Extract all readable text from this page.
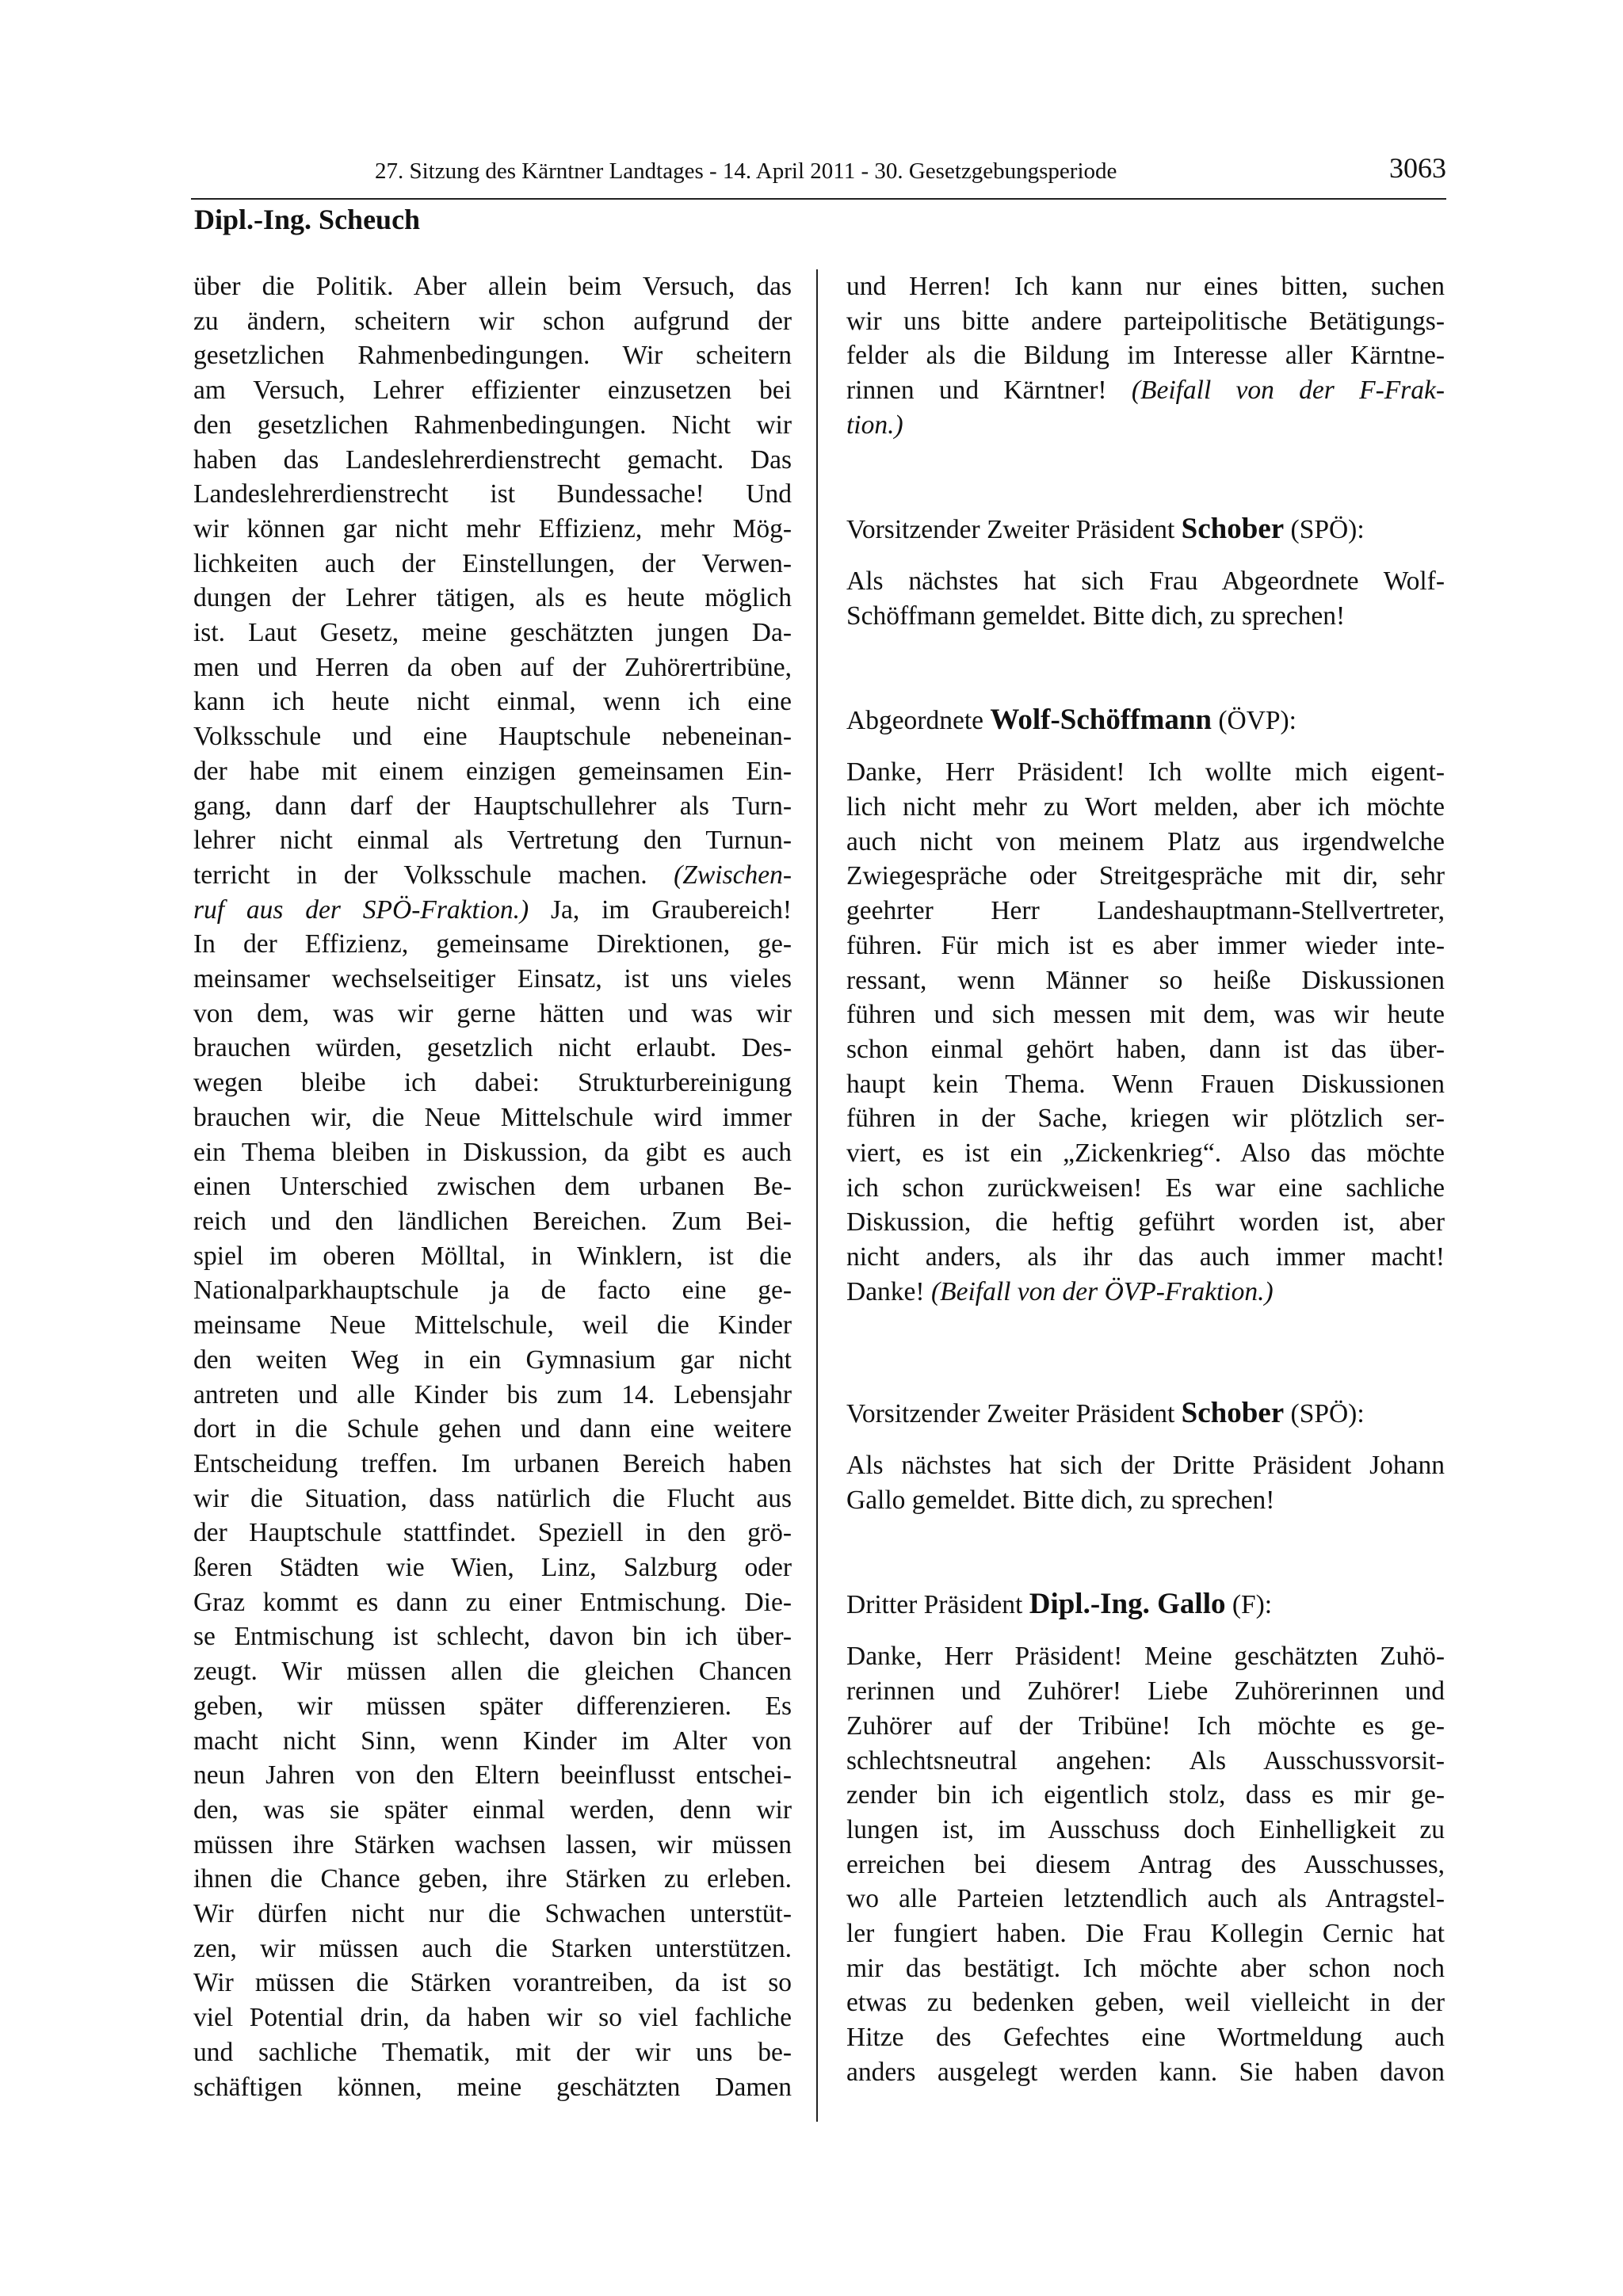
27. Sitzung des Kärntner Landtages - 14. April 2011 - 30. Gesetzgebungsperiode	3063
Dipl.-Ing. Scheuch
über die Politik. Aber allein beim Versuch, das
zu ändern, scheitern wir schon aufgrund der
gesetzlichen Rahmenbedingungen. Wir scheitern
am Versuch, Lehrer effizienter einzusetzen bei
den gesetzlichen Rahmenbedingungen. Nicht wir
haben das Landeslehrerdienstrecht gemacht. Das
Landeslehrerdienstrecht ist Bundessache! Und
wir können gar nicht mehr Effizienz, mehr Mög-
lichkeiten auch der Einstellungen, der Verwen-
dungen der Lehrer tätigen, als es heute möglich
ist. Laut Gesetz, meine geschätzten jungen Da-
men und Herren da oben auf der Zuhörertribüne,
kann ich heute nicht einmal, wenn ich eine
Volksschule und eine Hauptschule nebeneinan-
der habe mit einem einzigen gemeinsamen Ein-
gang, dann darf der Hauptschullehrer als Turn-
lehrer nicht einmal als Vertretung den Turnun-
terricht in der Volksschule machen. (Zwischen-
ruf aus der SPÖ-Fraktion.) Ja, im Graubereich!
In der Effizienz, gemeinsame Direktionen, ge-
meinsamer wechselseitiger Einsatz, ist uns vieles
von dem, was wir gerne hätten und was wir
brauchen würden, gesetzlich nicht erlaubt. Des-
wegen bleibe ich dabei: Strukturbereinigung
brauchen wir, die Neue Mittelschule wird immer
ein Thema bleiben in Diskussion, da gibt es auch
einen Unterschied zwischen dem urbanen Be-
reich und den ländlichen Bereichen. Zum Bei-
spiel im oberen Mölltal, in Winklern, ist die
Nationalparkhauptschule ja de facto eine ge-
meinsame Neue Mittelschule, weil die Kinder
den weiten Weg in ein Gymnasium gar nicht
antreten und alle Kinder bis zum 14. Lebensjahr
dort in die Schule gehen und dann eine weitere
Entscheidung treffen. Im urbanen Bereich haben
wir die Situation, dass natürlich die Flucht aus
der Hauptschule stattfindet. Speziell in den grö-
ßeren Städten wie Wien, Linz, Salzburg oder
Graz kommt es dann zu einer Entmischung. Die-
se Entmischung ist schlecht, davon bin ich über-
zeugt. Wir müssen allen die gleichen Chancen
geben, wir müssen später differenzieren. Es
macht nicht Sinn, wenn Kinder im Alter von
neun Jahren von den Eltern beeinflusst entschei-
den, was sie später einmal werden, denn wir
müssen ihre Stärken wachsen lassen, wir müssen
ihnen die Chance geben, ihre Stärken zu erleben.
Wir dürfen nicht nur die Schwachen unterstüt-
zen, wir müssen auch die Starken unterstützen.
Wir müssen die Stärken vorantreiben, da ist so
viel Potential drin, da haben wir so viel fachliche
und sachliche Thematik, mit der wir uns be-
schäftigen können, meine geschätzten Damen
und Herren! Ich kann nur eines bitten, suchen
wir uns bitte andere parteipolitische Betätigungs-
felder als die Bildung im Interesse aller Kärntne-
rinnen und Kärntner! (Beifall von der F-Frak-
tion.)

Vorsitzender Zweiter Präsident Schober (SPÖ):

Als nächstes hat sich Frau Abgeordnete Wolf-
Schöffmann gemeldet. Bitte dich, zu sprechen!

Abgeordnete Wolf-Schöffmann (ÖVP):

Danke, Herr Präsident! Ich wollte mich eigent-
lich nicht mehr zu Wort melden, aber ich möchte
auch nicht von meinem Platz aus irgendwelche
Zwiegespräche oder Streitgespräche mit dir, sehr
geehrter Herr Landeshauptmann-Stellvertreter,
führen. Für mich ist es aber immer wieder inte-
ressant, wenn Männer so heiße Diskussionen
führen und sich messen mit dem, was wir heute
schon einmal gehört haben, dann ist das über-
haupt kein Thema. Wenn Frauen Diskussionen
führen in der Sache, kriegen wir plötzlich ser-
viert, es ist ein „Zickenkrieg“. Also das möchte
ich schon zurückweisen! Es war eine sachliche
Diskussion, die heftig geführt worden ist, aber
nicht anders, als ihr das auch immer macht!
Danke! (Beifall von der ÖVP-Fraktion.)

Vorsitzender Zweiter Präsident Schober (SPÖ):

Als nächstes hat sich der Dritte Präsident Johann
Gallo gemeldet. Bitte dich, zu sprechen!

Dritter Präsident Dipl.-Ing. Gallo (F):

Danke, Herr Präsident! Meine geschätzten Zuhö-
rerinnen und Zuhörer! Liebe Zuhörerinnen und
Zuhörer auf der Tribüne! Ich möchte es ge-
schlechtsneutral angehen: Als Ausschussvorsit-
zender bin ich eigentlich stolz, dass es mir ge-
lungen ist, im Ausschuss doch Einhelligkeit zu
erreichen bei diesem Antrag des Ausschusses,
wo alle Parteien letztendlich auch als Antragstel-
ler fungiert haben. Die Frau Kollegin Cernic hat
mir das bestätigt. Ich möchte aber schon noch
etwas zu bedenken geben, weil vielleicht in der
Hitze des Gefechtes eine Wortmeldung auch
anders ausgelegt werden kann. Sie haben davon
